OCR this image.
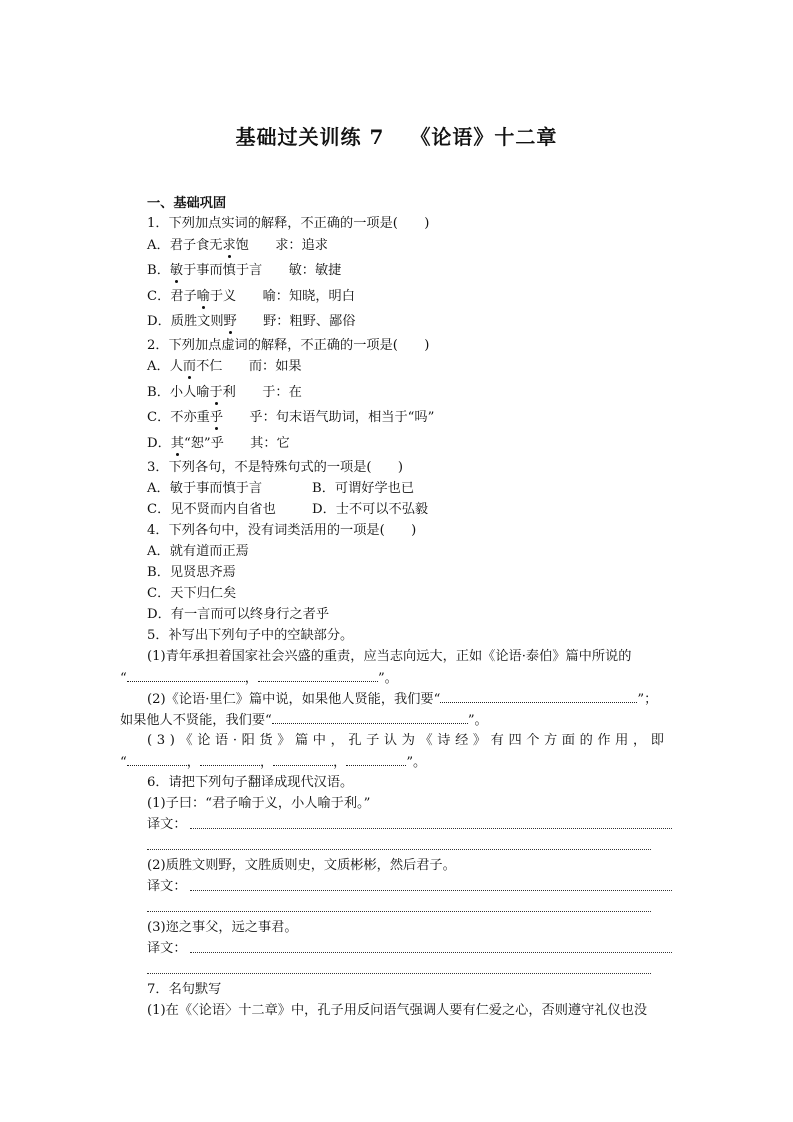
基础过关训练 7 《论语》十二章
一、基础巩固
1．下列加点实词的解释，不正确的一项是(　　)
A．君子食无求饱　　求：追求
B．敏于事而慎于言　　敏：敏捷
C．君子喻于义　　喻：知晓，明白
D．质胜文则野　　野：粗野、鄙俗
2．下列加点虚词的解释，不正确的一项是(　　)
A．人而不仁　　而：如果
B．小人喻于利　　于：在
C．不亦重乎　　乎：句末语气助词，相当于“吗”
D．其“恕”乎　　其：它
3．下列各句，不是特殊句式的一项是(　　)
A．敏于事而慎于言	B．可谓好学也已
C．见不贤而内自省也	D．士不可以不弘毅
4．下列各句中，没有词类活用的一项是(　　)
A．就有道而正焉
B．见贤思齐焉
C．天下归仁矣
D．有一言而可以终身行之者乎
5．补写出下列句子中的空缺部分。
(1)青年承担着国家社会兴盛的重责，应当志向远大，正如《论语·泰伯》篇中所说的
“	，	”。
(2)《论语·里仁》篇中说，如果他人贤能，我们要“	”；
如果他人不贤能，我们要“	”。
(3)《论语·阳货》篇中，孔子认为《诗经》有四个方面的作用，即
“	，	，	，	”。
6．请把下列句子翻译成现代汉语。
(1)子曰：“君子喻于义，小人喻于利。”
译文：
(2)质胜文则野，文胜质则史，文质彬彬，然后君子。
译文：
(3)迩之事父，远之事君。
译文：
7．名句默写
(1)在《〈论语〉十二章》中，孔子用反问语气强调人要有仁爱之心，否则遵守礼仪也没
